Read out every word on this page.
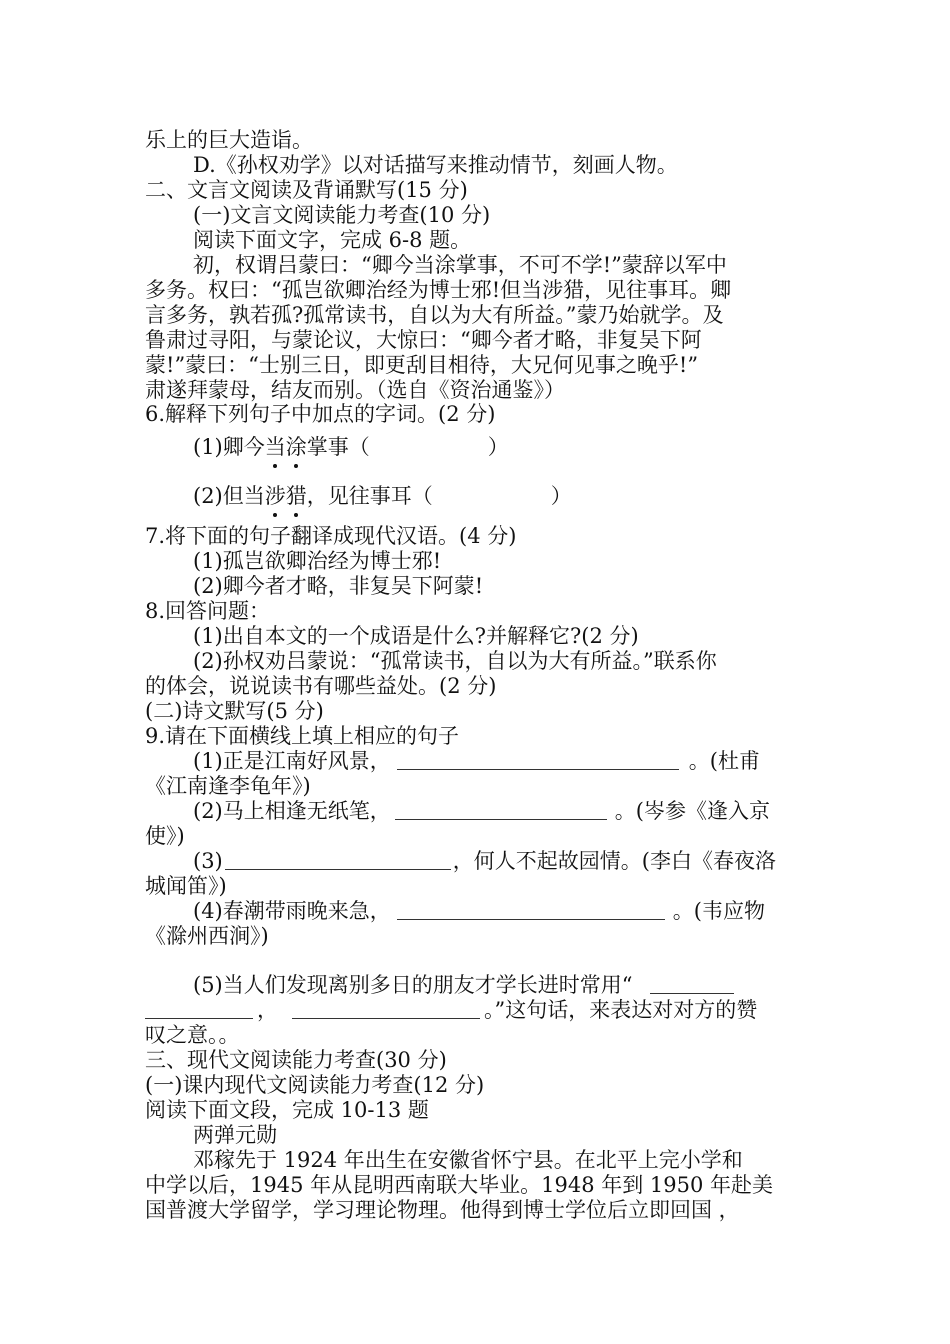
乐上的巨大造诣。
D.《孙权劝学》以对话描写来推动情节，刻画人物。
二、文言文阅读及背诵默写(15 分)
(一)文言文阅读能力考查(10 分)
阅读下面文字，完成 6-8 题。
初，权谓吕蒙曰：“卿今当涂掌事，不可不学!”蒙辞以军中
多务。权曰：“孤岂欲卿治经为博士邪!但当涉猎，见往事耳。卿
言多务，孰若孤?孤常读书，自以为大有所益。”蒙乃始就学。及
鲁肃过寻阳，与蒙论议，大惊曰：“卿今者才略，非复吴下阿
蒙!”蒙曰：“士别三日，即更刮目相待，大兄何见事之晚乎!”
肃遂拜蒙母，结友而别。（选自《资治通鉴》）
6.解释下列句子中加点的字词。(2 分)
(1)卿今当涂掌事（	）
(2)但当涉猎，见往事耳（	）
7.将下面的句子翻译成现代汉语。(4 分)
(1)孤岂欲卿治经为博士邪!
(2)卿今者才略，非复吴下阿蒙!
8.回答问题：
(1)出自本文的一个成语是什么?并解释它?(2 分)
(2)孙权劝吕蒙说：“孤常读书，自以为大有所益。”联系你
的体会，说说读书有哪些益处。(2 分)
(二)诗文默写(5 分)
9.请在下面横线上填上相应的句子
(1)正是江南好风景，	。(杜甫
《江南逢李龟年》)
(2)马上相逢无纸笔，	。(岑参《逢入京
使》)
(3)	，何人不起故园情。(李白《春夜洛
城闻笛》)
(4)春潮带雨晚来急，	。(韦应物
《滁州西涧》)
(5)当人们发现离别多日的朋友才学长进时常用“
，	。”这句话，来表达对对方的赞
叹之意。。
三、现代文阅读能力考查(30 分)
(一)课内现代文阅读能力考查(12 分)
阅读下面文段，完成 10-13 题
两弹元勋
邓稼先于 1924 年出生在安徽省怀宁县。在北平上完小学和
中学以后，1945 年从昆明西南联大毕业。1948 年到 1950 年赴美
国普渡大学留学，学习理论物理。他得到博士学位后立即回国 ，
